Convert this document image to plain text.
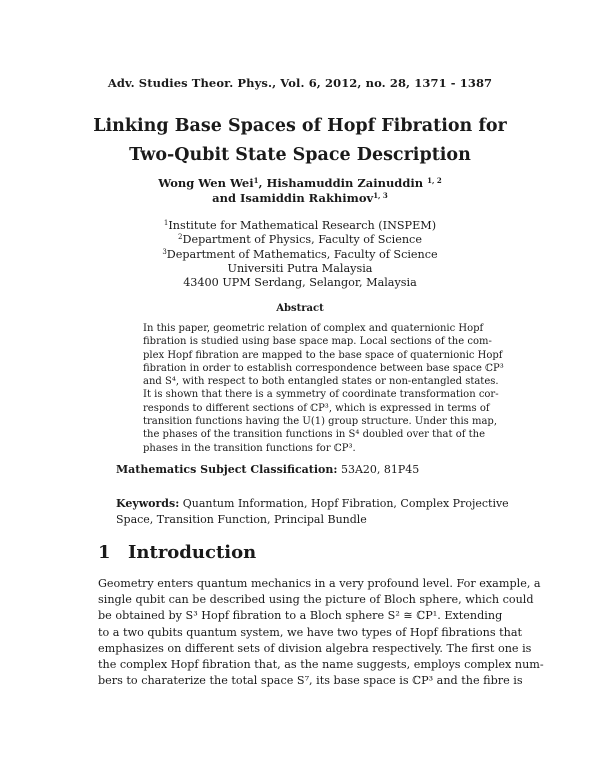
Adv. Studies Theor. Phys., Vol. 6, 2012, no. 28, 1371 - 1387
Linking Base Spaces of Hopf Fibration for
Two-Qubit State Space Description
Wong Wen Wei$^1$, Hishamuddin Zainuddin $^{1, 2}$
and Isamiddin Rakhimov$^{1, 3}$
$^1$Institute for Mathematical Research (INSPEM)
$^2$Department of Physics, Faculty of Science
$^3$Department of Mathematics, Faculty of Science
Universiti Putra Malaysia
43400 UPM Serdang, Selangor, Malaysia
Abstract
In this paper, geometric relation of complex and quaternionic Hopf
fibration is studied using base space map. Local sections of the com-
plex Hopf fibration are mapped to the base space of quaternionic Hopf
fibration in order to establish correspondence between base space ℂP³
and S⁴, with respect to both entangled states or non-entangled states.
It is shown that there is a symmetry of coordinate transformation cor-
responds to different sections of ℂP³, which is expressed in terms of
transition functions having the U(1) group structure. Under this map,
the phases of the transition functions in S⁴ doubled over that of the
phases in the transition functions for ℂP³.
Mathematics Subject Classification: 53A20, 81P45
Keywords: Quantum Information, Hopf Fibration, Complex Projective
Space, Transition Function, Principal Bundle
1 Introduction
Geometry enters quantum mechanics in a very profound level. For example, a
single qubit can be described using the picture of Bloch sphere, which could
be obtained by S³ Hopf fibration to a Bloch sphere S² ≅ ℂP¹. Extending
to a two qubits quantum system, we have two types of Hopf fibrations that
emphasizes on different sets of division algebra respectively. The first one is
the complex Hopf fibration that, as the name suggests, employs complex num-
bers to charaterize the total space S⁷, its base space is ℂP³ and the fibre is
